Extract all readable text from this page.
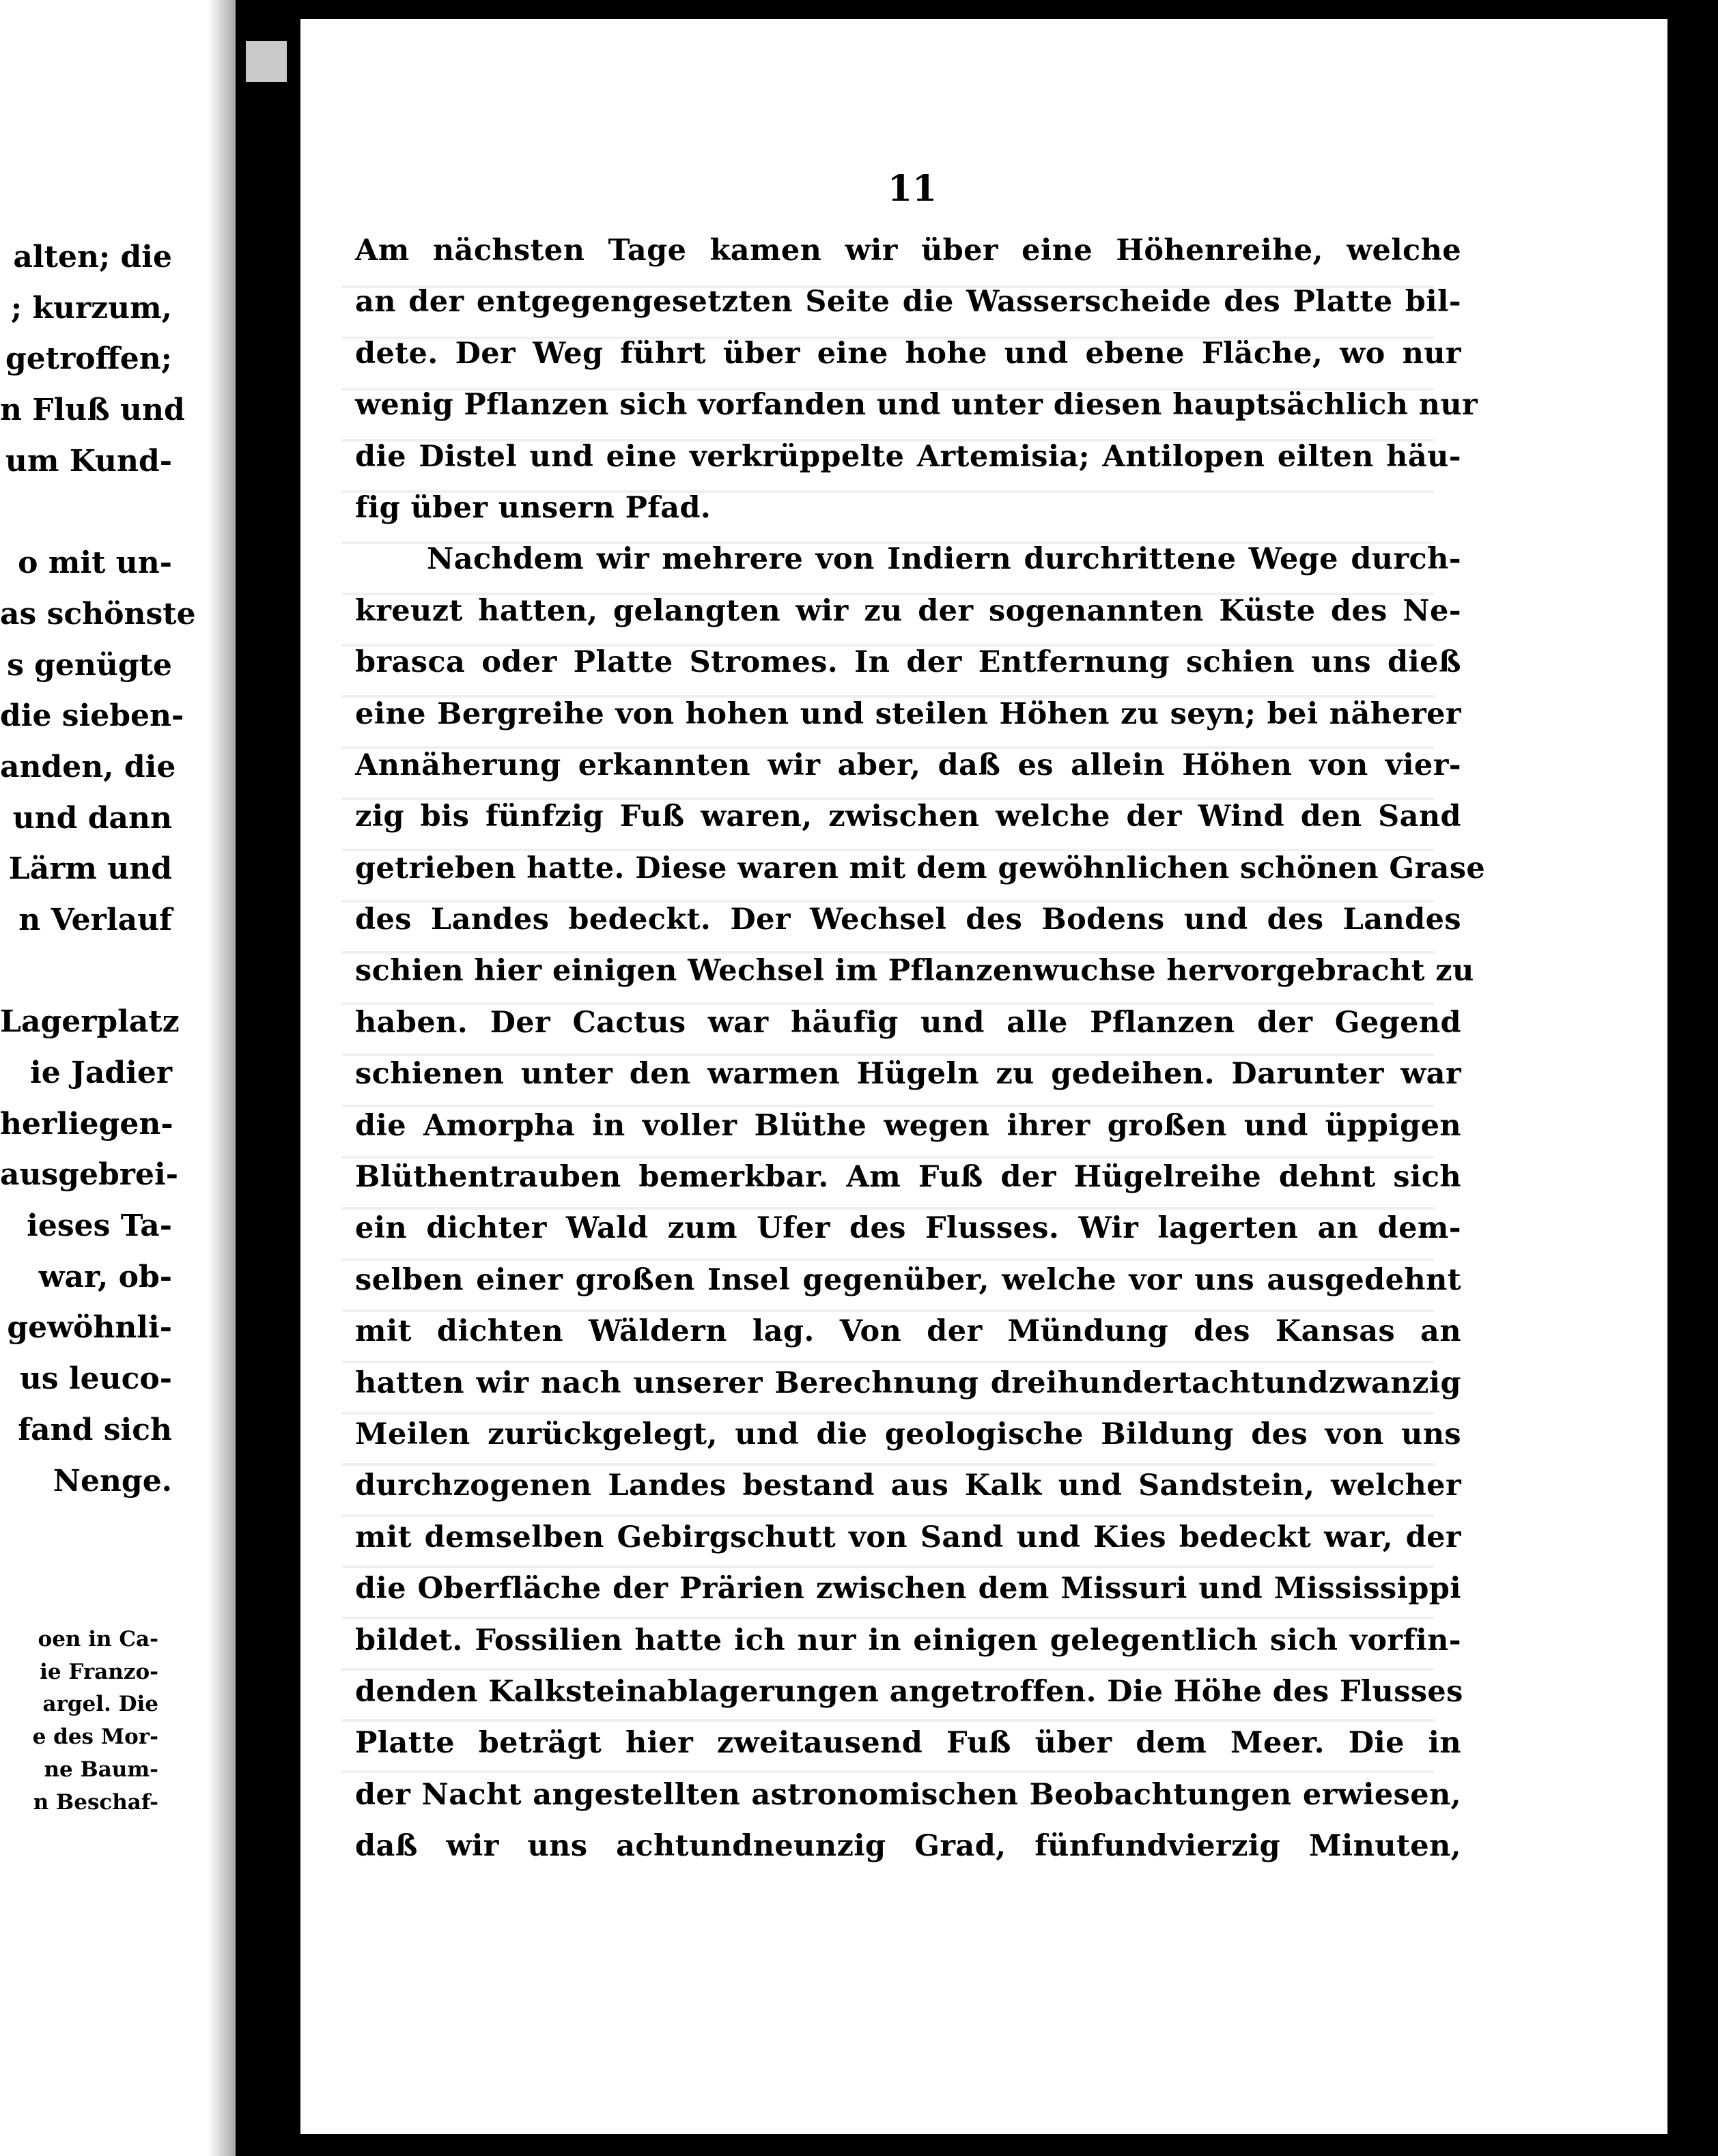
alten; die
; kurzum,
getroffen;
n Fluß und
um Kund-
o mit un-
as schönste
s genügte
die sieben-
anden, die
und dann
Lärm und
n Verlauf
Lagerplatz
ie Jadier
herliegen-
ausgebrei-
ieses Ta-
war, ob-
gewöhnli-
us leuco-
fand sich
Nenge.
oen in Ca-
ie Franzo-
argel. Die
e des Mor-
ne Baum-
n Beschaf-
11
Am nächsten Tage kamen wir über eine Höhenreihe, welche
an der entgegengesetzten Seite die Wasserscheide des Platte bil-
dete. Der Weg führt über eine hohe und ebene Fläche, wo nur
wenig Pflanzen sich vorfanden und unter diesen hauptsächlich nur
die Distel und eine verkrüppelte Artemisia; Antilopen eilten häu-
fig über unsern Pfad.
Nachdem wir mehrere von Indiern durchrittene Wege durch-
kreuzt hatten, gelangten wir zu der sogenannten Küste des Ne-
brasca oder Platte Stromes. In der Entfernung schien uns dieß
eine Bergreihe von hohen und steilen Höhen zu seyn; bei näherer
Annäherung erkannten wir aber, daß es allein Höhen von vier-
zig bis fünfzig Fuß waren, zwischen welche der Wind den Sand
getrieben hatte. Diese waren mit dem gewöhnlichen schönen Grase
des Landes bedeckt. Der Wechsel des Bodens und des Landes
schien hier einigen Wechsel im Pflanzenwuchse hervorgebracht zu
haben. Der Cactus war häufig und alle Pflanzen der Gegend
schienen unter den warmen Hügeln zu gedeihen. Darunter war
die Amorpha in voller Blüthe wegen ihrer großen und üppigen
Blüthentrauben bemerkbar. Am Fuß der Hügelreihe dehnt sich
ein dichter Wald zum Ufer des Flusses. Wir lagerten an dem-
selben einer großen Insel gegenüber, welche vor uns ausgedehnt
mit dichten Wäldern lag. Von der Mündung des Kansas an
hatten wir nach unserer Berechnung dreihundertachtundzwanzig
Meilen zurückgelegt, und die geologische Bildung des von uns
durchzogenen Landes bestand aus Kalk und Sandstein, welcher
mit demselben Gebirgschutt von Sand und Kies bedeckt war, der
die Oberfläche der Prärien zwischen dem Missuri und Mississippi
bildet. Fossilien hatte ich nur in einigen gelegentlich sich vorfin-
denden Kalksteinablagerungen angetroffen. Die Höhe des Flusses
Platte beträgt hier zweitausend Fuß über dem Meer. Die in
der Nacht angestellten astronomischen Beobachtungen erwiesen,
daß wir uns achtundneunzig Grad, fünfundvierzig Minuten,
